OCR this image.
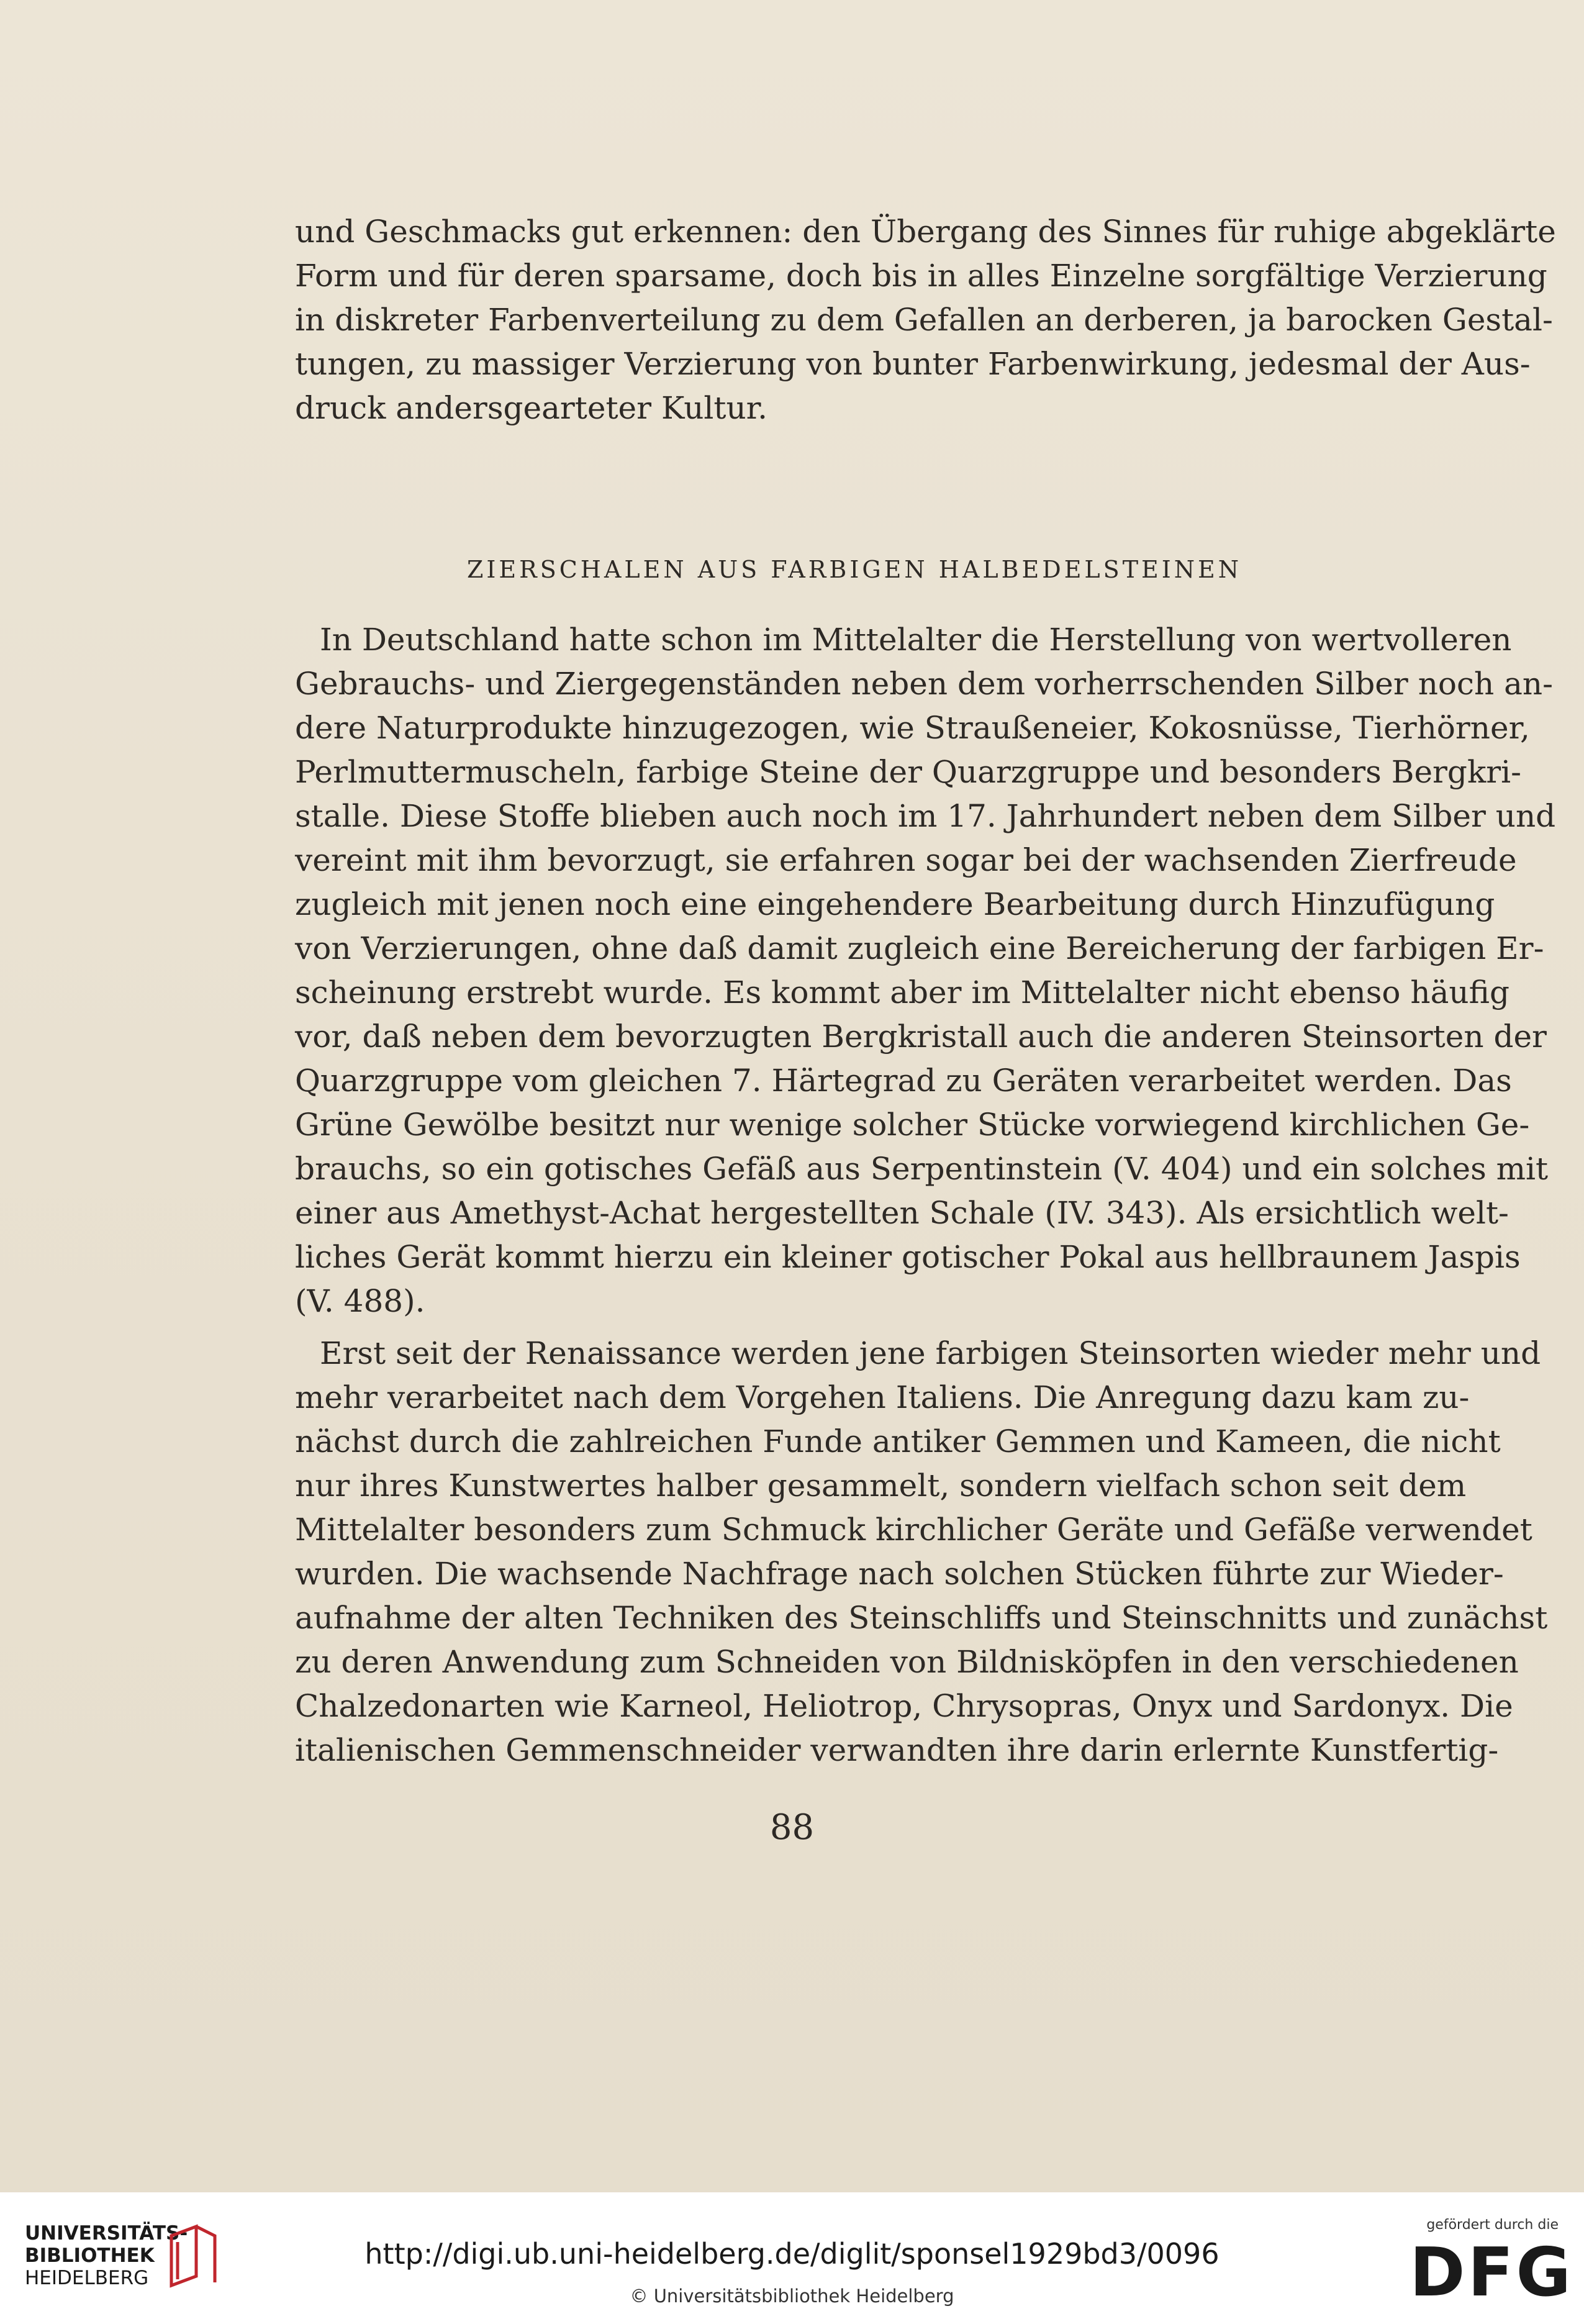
und Geschmacks gut erkennen: den Übergang des Sinnes für ruhige abgeklärte
Form und für deren sparsame, doch bis in alles Einzelne sorgfältige Verzierung
in diskreter Farbenverteilung zu dem Gefallen an derberen, ja barocken Gestal-
tungen, zu massiger Verzierung von bunter Farbenwirkung, jedesmal der Aus-
druck andersgearteter Kultur.
ZIERSCHALEN AUS FARBIGEN HALBEDELSTEINEN
In Deutschland hatte schon im Mittelalter die Herstellung von wertvolleren
Gebrauchs- und Ziergegenständen neben dem vorherrschenden Silber noch an-
dere Naturprodukte hinzugezogen, wie Straußeneier, Kokosnüsse, Tierhörner,
Perlmuttermuscheln, farbige Steine der Quarzgruppe und besonders Bergkri-
stalle. Diese Stoffe blieben auch noch im 17. Jahrhundert neben dem Silber und
vereint mit ihm bevorzugt, sie erfahren sogar bei der wachsenden Zierfreude
zugleich mit jenen noch eine eingehendere Bearbeitung durch Hinzufügung
von Verzierungen, ohne daß damit zugleich eine Bereicherung der farbigen Er-
scheinung erstrebt wurde. Es kommt aber im Mittelalter nicht ebenso häufig
vor, daß neben dem bevorzugten Bergkristall auch die anderen Steinsorten der
Quarzgruppe vom gleichen 7. Härtegrad zu Geräten verarbeitet werden. Das
Grüne Gewölbe besitzt nur wenige solcher Stücke vorwiegend kirchlichen Ge-
brauchs, so ein gotisches Gefäß aus Serpentinstein (V. 404) und ein solches mit
einer aus Amethyst-Achat hergestellten Schale (IV. 343). Als ersichtlich welt-
liches Gerät kommt hierzu ein kleiner gotischer Pokal aus hellbraunem Jaspis
(V. 488).
Erst seit der Renaissance werden jene farbigen Steinsorten wieder mehr und
mehr verarbeitet nach dem Vorgehen Italiens. Die Anregung dazu kam zu-
nächst durch die zahlreichen Funde antiker Gemmen und Kameen, die nicht
nur ihres Kunstwertes halber gesammelt, sondern vielfach schon seit dem
Mittelalter besonders zum Schmuck kirchlicher Geräte und Gefäße verwendet
wurden. Die wachsende Nachfrage nach solchen Stücken führte zur Wieder-
aufnahme der alten Techniken des Steinschliffs und Steinschnitts und zunächst
zu deren Anwendung zum Schneiden von Bildnisköpfen in den verschiedenen
Chalzedonarten wie Karneol, Heliotrop, Chrysopras, Onyx und Sardonyx. Die
italienischen Gemmenschneider verwandten ihre darin erlernte Kunstfertig-
88
UNIVERSITÄTS-
BIBLIOTHEK
HEIDELBERG
http://digi.ub.uni-heidelberg.de/diglit/sponsel1929bd3/0096
© Universitätsbibliothek Heidelberg
gefördert durch die
DFG
